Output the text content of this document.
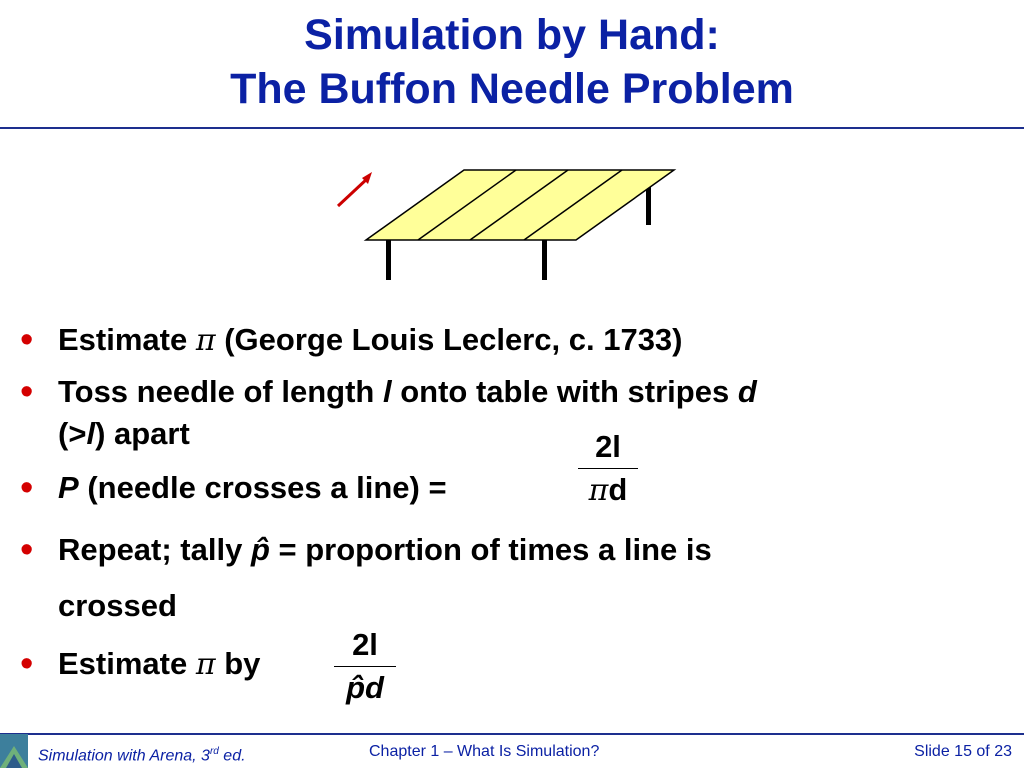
Simulation by Hand:
The Buffon Needle Problem
• Estimate π (George Louis Leclerc, c. 1733)
• Toss needle of length l onto table with stripes d
(>l) apart
• P (needle crosses a line) =
2l
πd
• Repeat; tally p̂ = proportion of times a line is
crossed
• Estimate π by
2l
p̂d
Simulation with Arena, 3rd ed.	Chapter 1 – What Is Simulation?	Slide 15 of 23
